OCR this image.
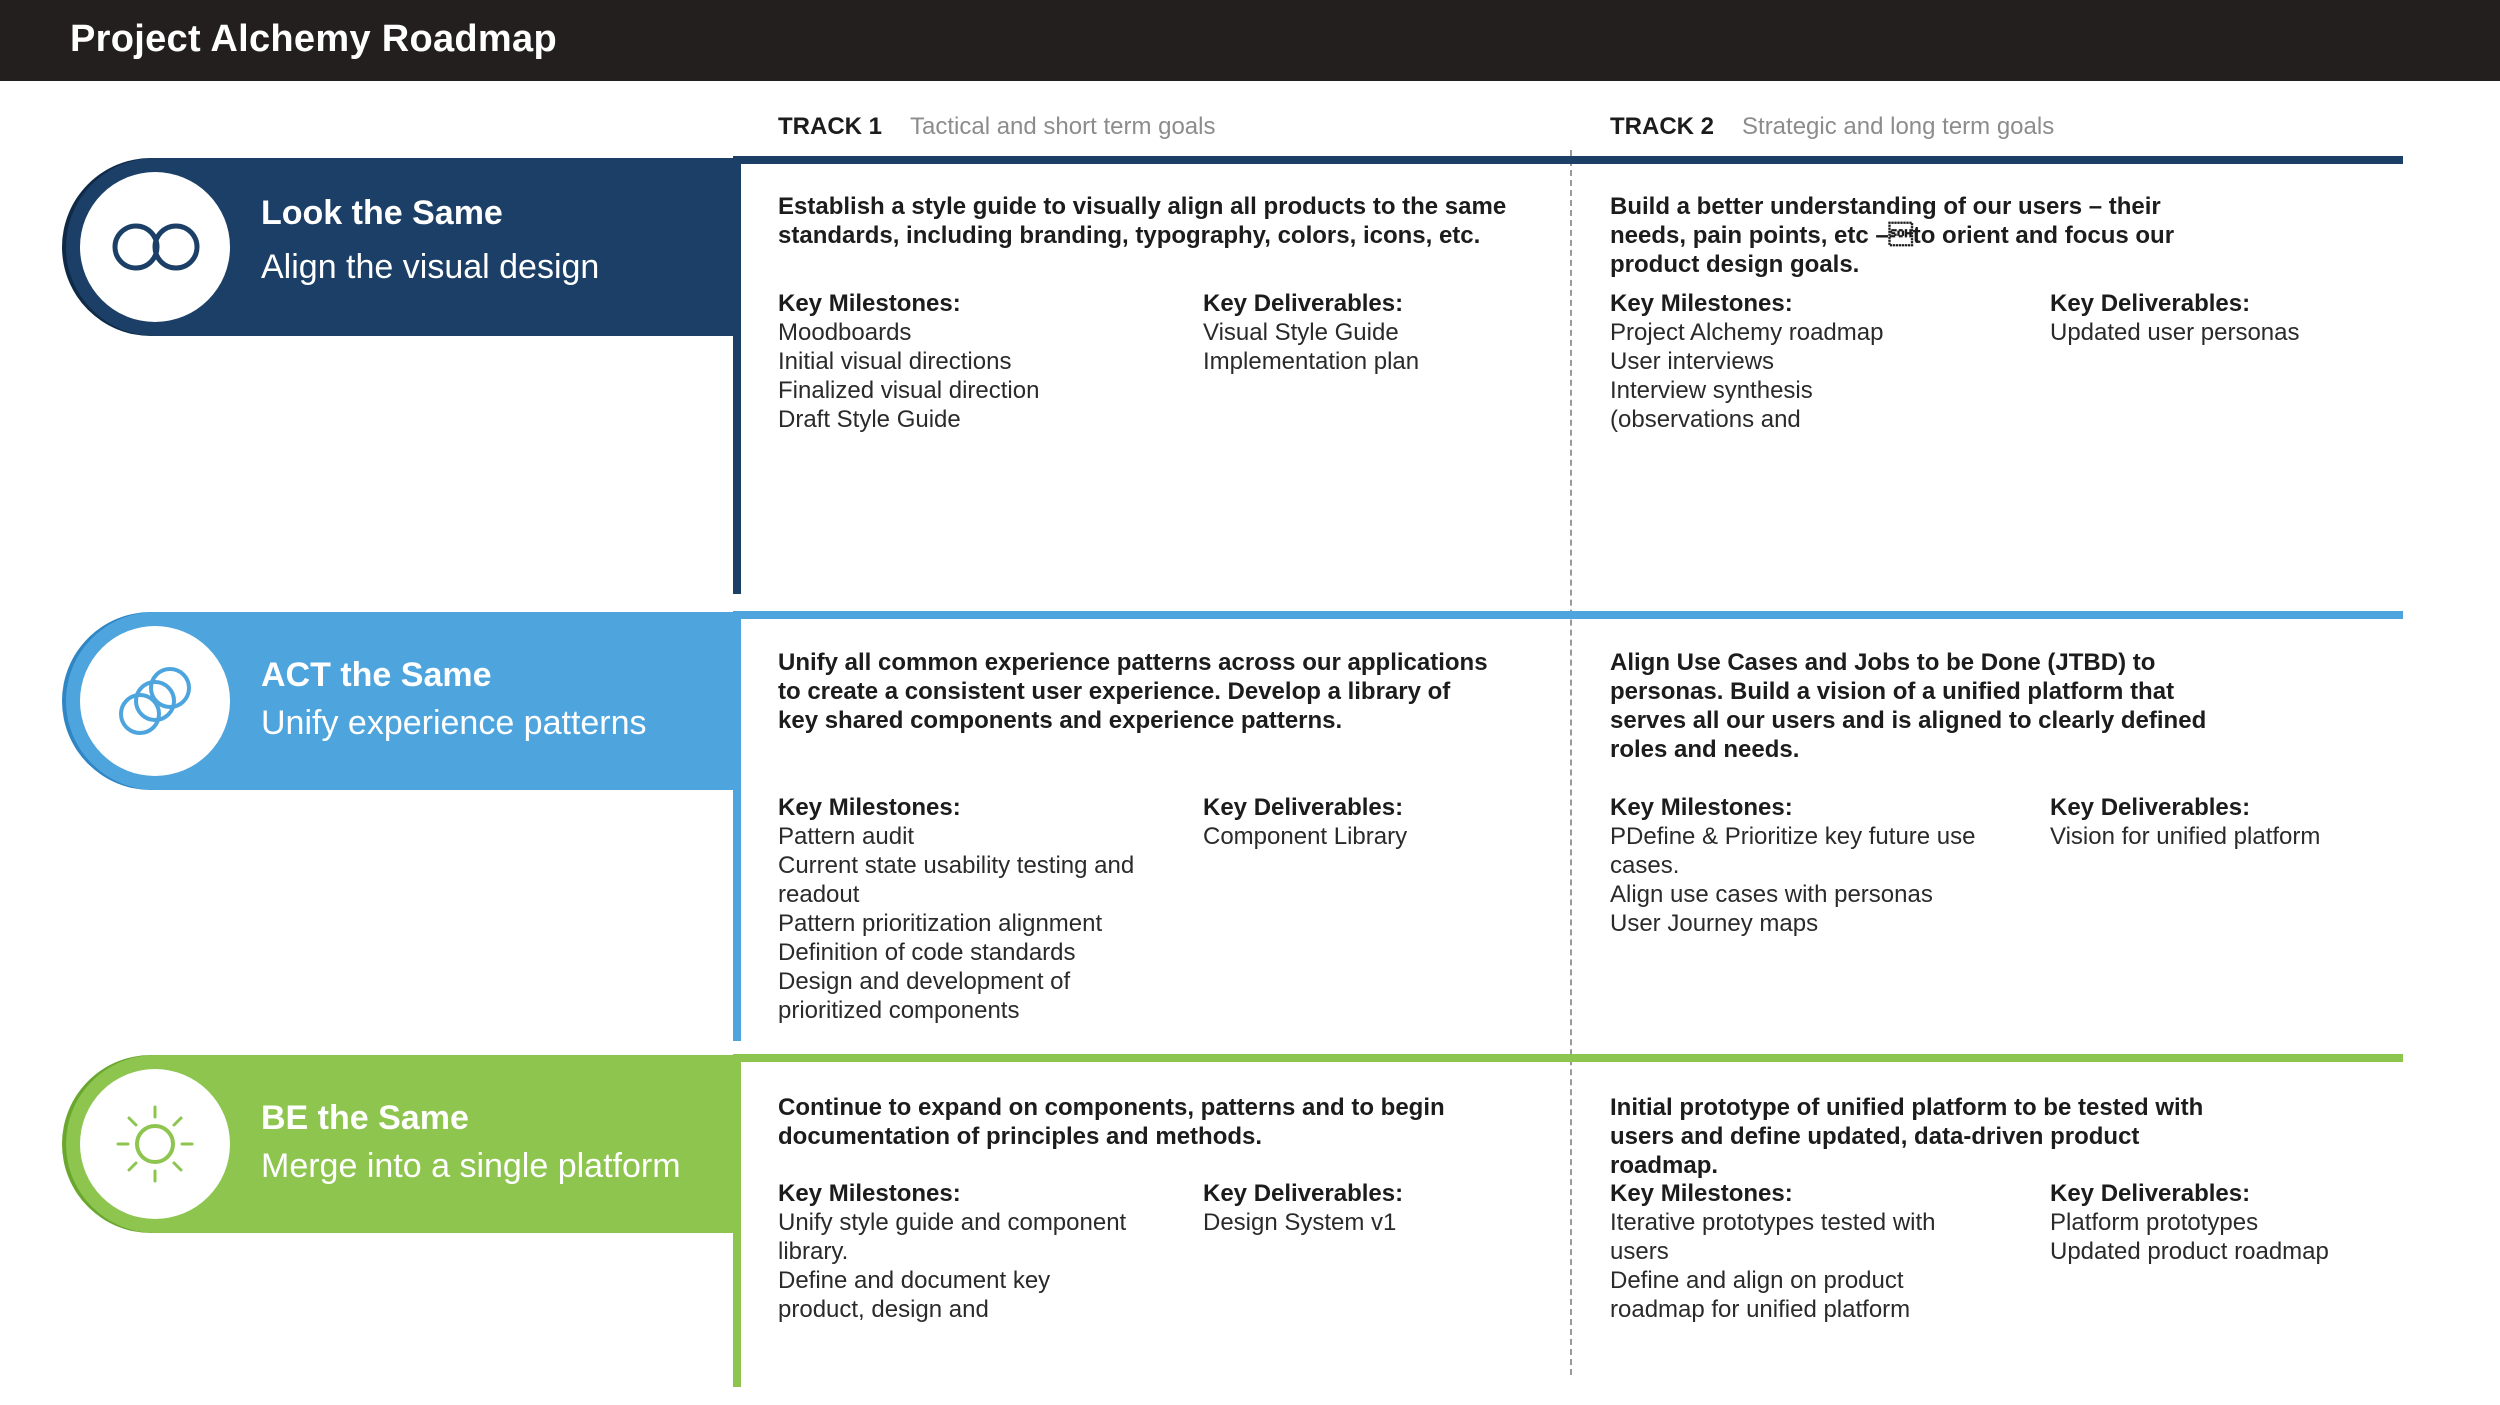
Project Alchemy Roadmap
TRACK 1 Tactical and short term goals	TRACK 2 Strategic and long term goals
Look the Same
Align the visual design
Establish a style guide to visually align all products to the same
standards, including branding, typography, colors, icons, etc.
Key Milestones:
Moodboards
Initial visual directions
Finalized visual direction
Draft Style Guide
Key Deliverables:
Visual Style Guide
Implementation plan
Build a better understanding of our users – their
needs, pain points, etc –to orient and focus our
product design goals.
Key Milestones:
Project Alchemy roadmap
User interviews
Interview synthesis
(observations and
Key Deliverables:
Updated user personas
ACT the Same
Unify experience patterns
Unify all common experience patterns across our applications
to create a consistent user experience. Develop a library of
key shared components and experience patterns.
Key Milestones:
Pattern audit
Current state usability testing and
readout
Pattern prioritization alignment
Definition of code standards
Design and development of
prioritized components
Key Deliverables:
Component Library
Align Use Cases and Jobs to be Done (JTBD) to
personas. Build a vision of a unified platform that
serves all our users and is aligned to clearly defined
roles and needs.
Key Milestones:
PDefine & Prioritize key future use
cases.
Align use cases with personas
User Journey maps
Key Deliverables:
Vision for unified platform
BE the Same
Merge into a single platform
Continue to expand on components, patterns and to begin
documentation of principles and methods.
Key Milestones:
Unify style guide and component
library.
Define and document key
product, design and
Key Deliverables:
Design System v1
Initial prototype of unified platform to be tested with
users and define updated, data-driven product
roadmap.
Key Milestones:
Iterative prototypes tested with
users
Define and align on product
roadmap for unified platform
Key Deliverables:
Platform prototypes
Updated product roadmap
